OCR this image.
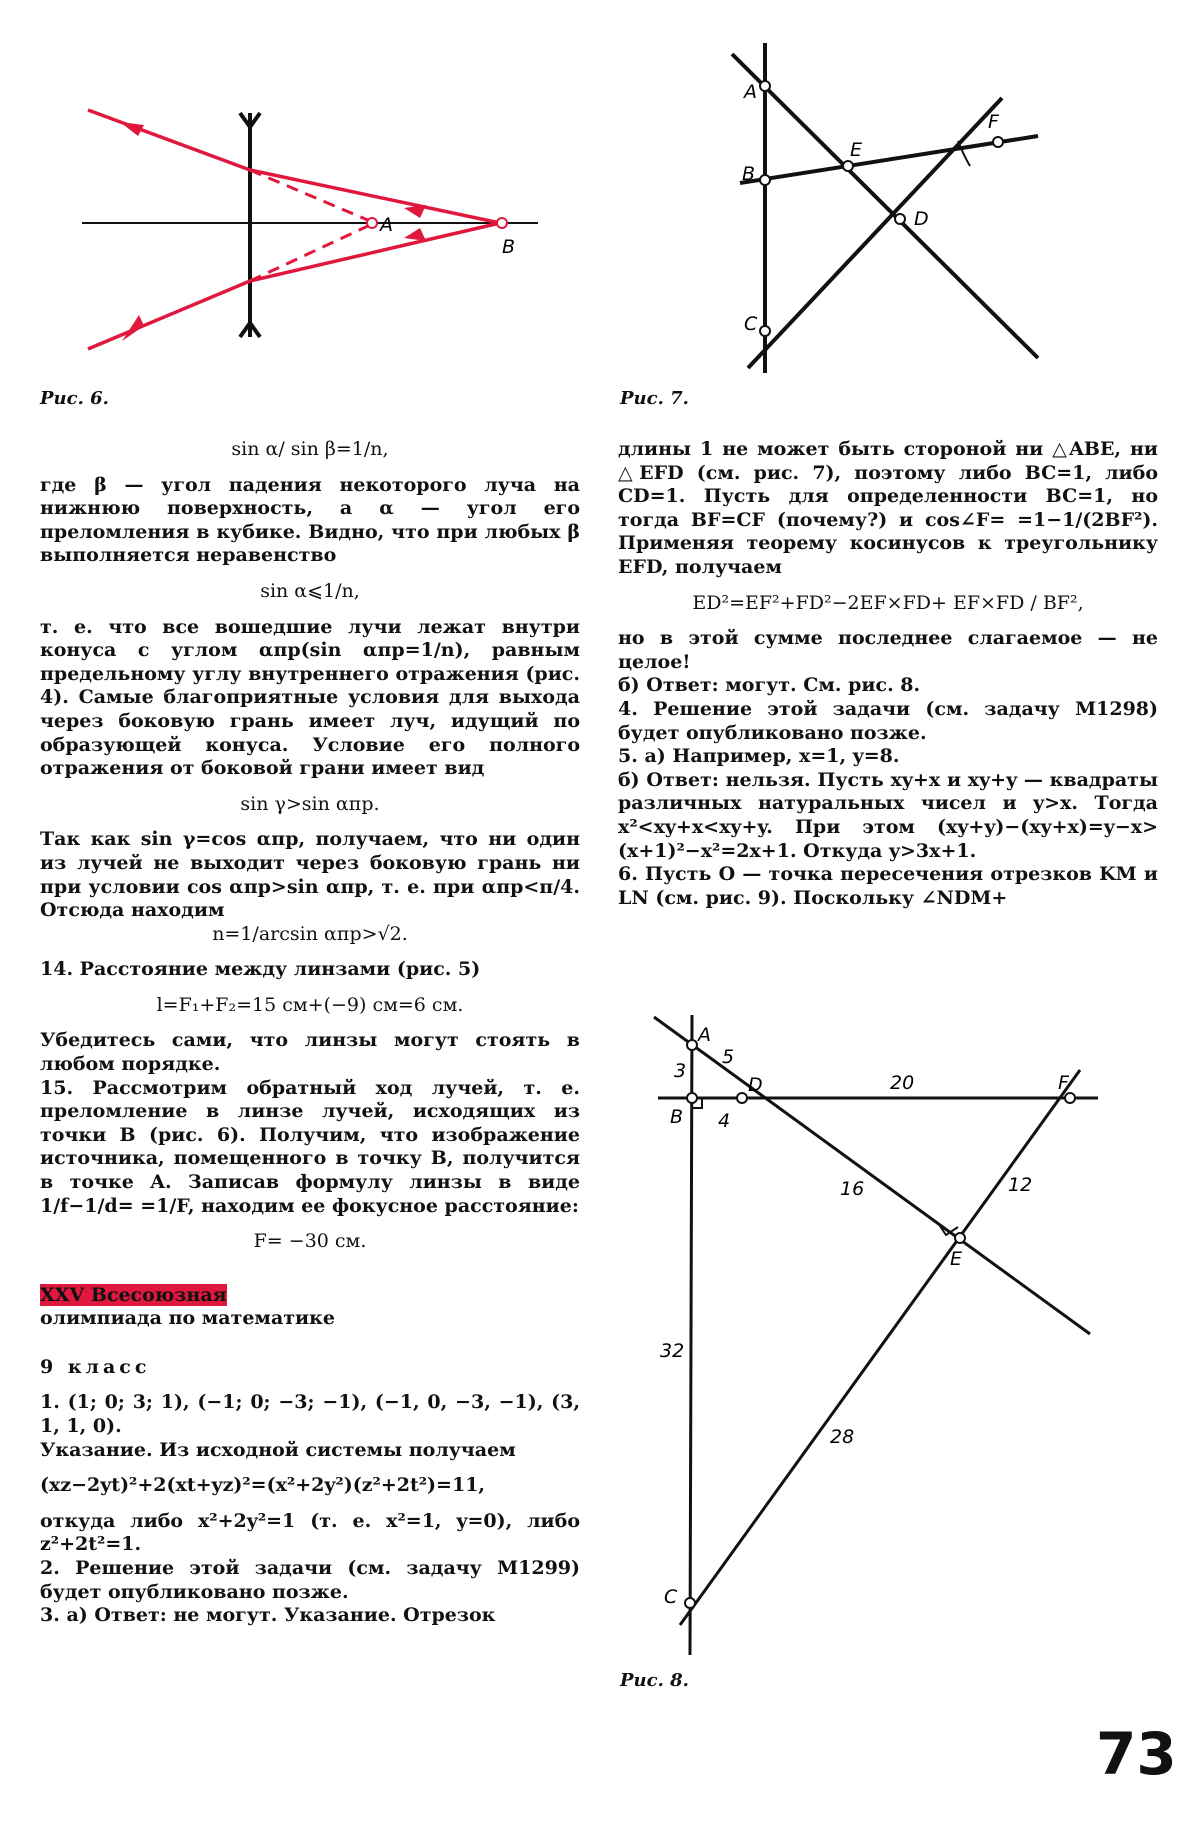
A
B
Рис. 6.
A
B
C
D
E
F
Рис. 7.

sin α/ sin β=1/n,

где β — угол падения некоторого луча на нижнюю поверхность, а α — угол его преломления в кубике. Видно, что при любых β выполняется неравенство

sin α⩽1/n,

т. е. что все вошедшие лучи лежат внутри конуса с углом αпр(sin αпр=1/n), равным предельному углу внутреннего отражения (рис. 4). Самые благоприятные условия для выхода через боковую грань имеет луч, идущий по образующей конуса. Условие его полного отражения от боковой грани имеет вид

sin γ>sin αпр.

Так как sin γ=cos αпр, получаем, что ни один из лучей не выходит через боковую грань ни при условии cos αпр>sin αпр, т. е. при αпр<π/4. Отсюда находим

n=1/arcsin αпр>√2.

14. Расстояние между линзами (рис. 5)

l=F₁+F₂=15 см+(−9) см=6 см.

Убедитесь сами, что линзы могут стоять в любом порядке.

15. Рассмотрим обратный ход лучей, т. е. преломление в линзе лучей, исходящих из точки B (рис. 6). Получим, что изображение источника, помещенного в точку B, получится в точке A. Записав формулу линзы в виде 1/f−1/d= =1/F, находим ее фокусное расстояние:

F= −30 см.

XXV Всесоюзная
олимпиада по математике

9 класс

1. (1; 0; 3; 1), (−1; 0; −3; −1), (−1, 0, −3, −1), (3, 1, 1, 0).

Указание. Из исходной системы получаем

(xz−2yt)²+2(xt+yz)²=(x²+2y²)(z²+2t²)=11,

откуда либо x²+2y²=1 (т. е. x²=1, y=0), либо z²+2t²=1.

2. Решение этой задачи (см. задачу М1299) будет опубликовано позже.

3. а) Ответ: не могут. Указание. Отрезок

длины 1 не может быть стороной ни △ABE, ни △EFD (см. рис. 7), поэтому либо BC=1, либо CD=1. Пусть для определенности BC=1, но тогда BF=CF (почему?) и cos∠F= =1−1/(2BF²). Применяя теорему косинусов к треугольнику EFD, получаем

ED²=EF²+FD²−2EF×FD+ EF×FD / BF²,

но в этой сумме последнее слагаемое — не целое!

б) Ответ: могут. См. рис. 8.

4. Решение этой задачи (см. задачу М1298) будет опубликовано позже.

5. а) Например, x=1, y=8.

б) Ответ: нельзя. Пусть xy+x и xy+y — квадраты различных натуральных чисел и y>x. Тогда x²<xy+x<xy+y. При этом (xy+y)−(xy+x)=y−x>(x+1)²−x²=2x+1. Откуда y>3x+1.

6. Пусть O — точка пересечения отрезков KM и LN (см. рис. 9). Поскольку ∠NDM+

A
B
C
D
E
F
3
5
4
20
16	12
32
28
Рис. 8.
73
